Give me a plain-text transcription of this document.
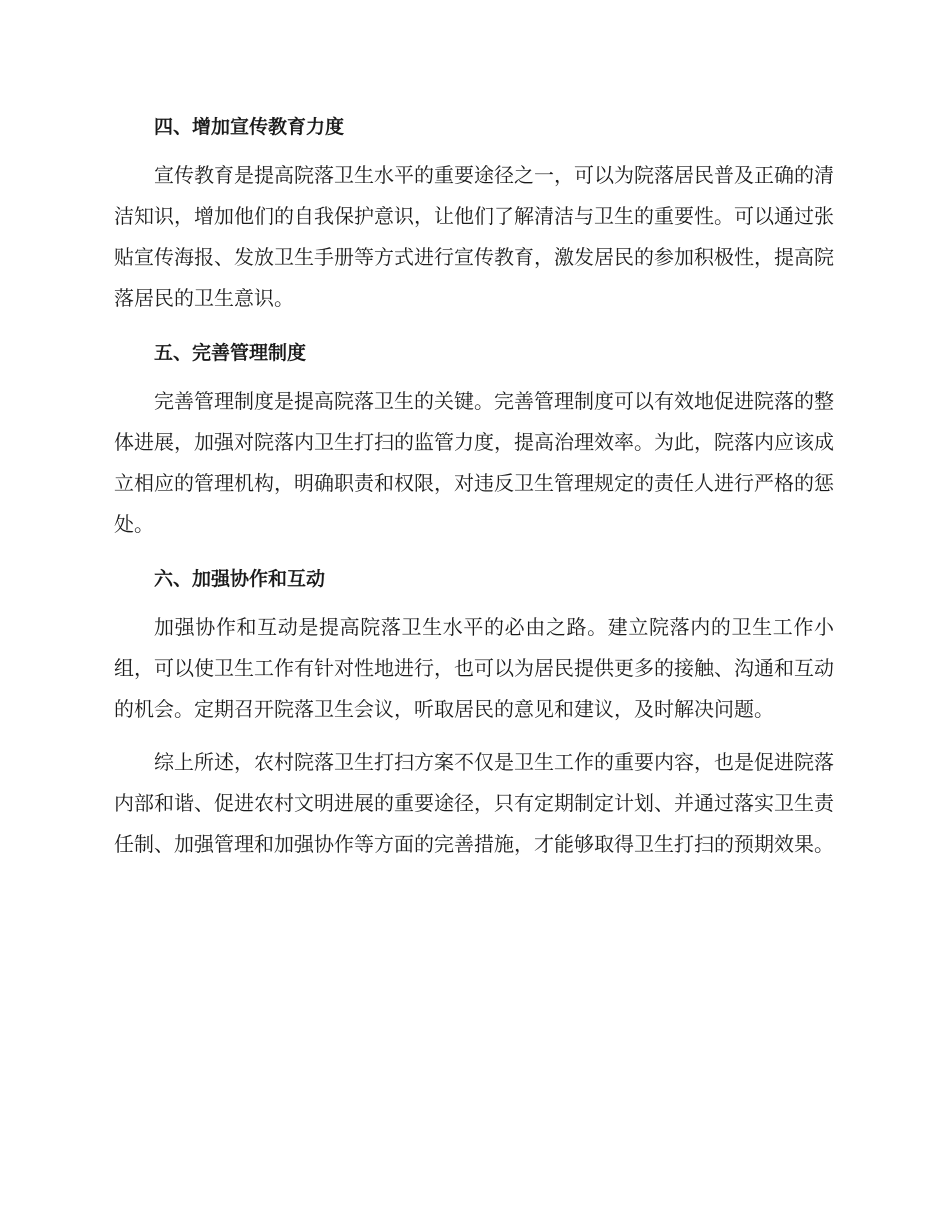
四、增加宣传教育力度

宣传教育是提高院落卫生水平的重要途径之一，可以为院落居民普及正确的清洁知识，增加他们的自我保护意识，让他们了解清洁与卫生的重要性。可以通过张贴宣传海报、发放卫生手册等方式进行宣传教育，激发居民的参加积极性，提高院落居民的卫生意识。

五、完善管理制度

完善管理制度是提高院落卫生的关键。完善管理制度可以有效地促进院落的整体进展，加强对院落内卫生打扫的监管力度，提高治理效率。为此，院落内应该成立相应的管理机构，明确职责和权限，对违反卫生管理规定的责任人进行严格的惩处。

六、加强协作和互动

加强协作和互动是提高院落卫生水平的必由之路。建立院落内的卫生工作小组，可以使卫生工作有针对性地进行，也可以为居民提供更多的接触、沟通和互动的机会。定期召开院落卫生会议，听取居民的意见和建议，及时解决问题。

综上所述，农村院落卫生打扫方案不仅是卫生工作的重要内容，也是促进院落内部和谐、促进农村文明进展的重要途径，只有定期制定计划、并通过落实卫生责任制、加强管理和加强协作等方面的完善措施，才能够取得卫生打扫的预期效果。
